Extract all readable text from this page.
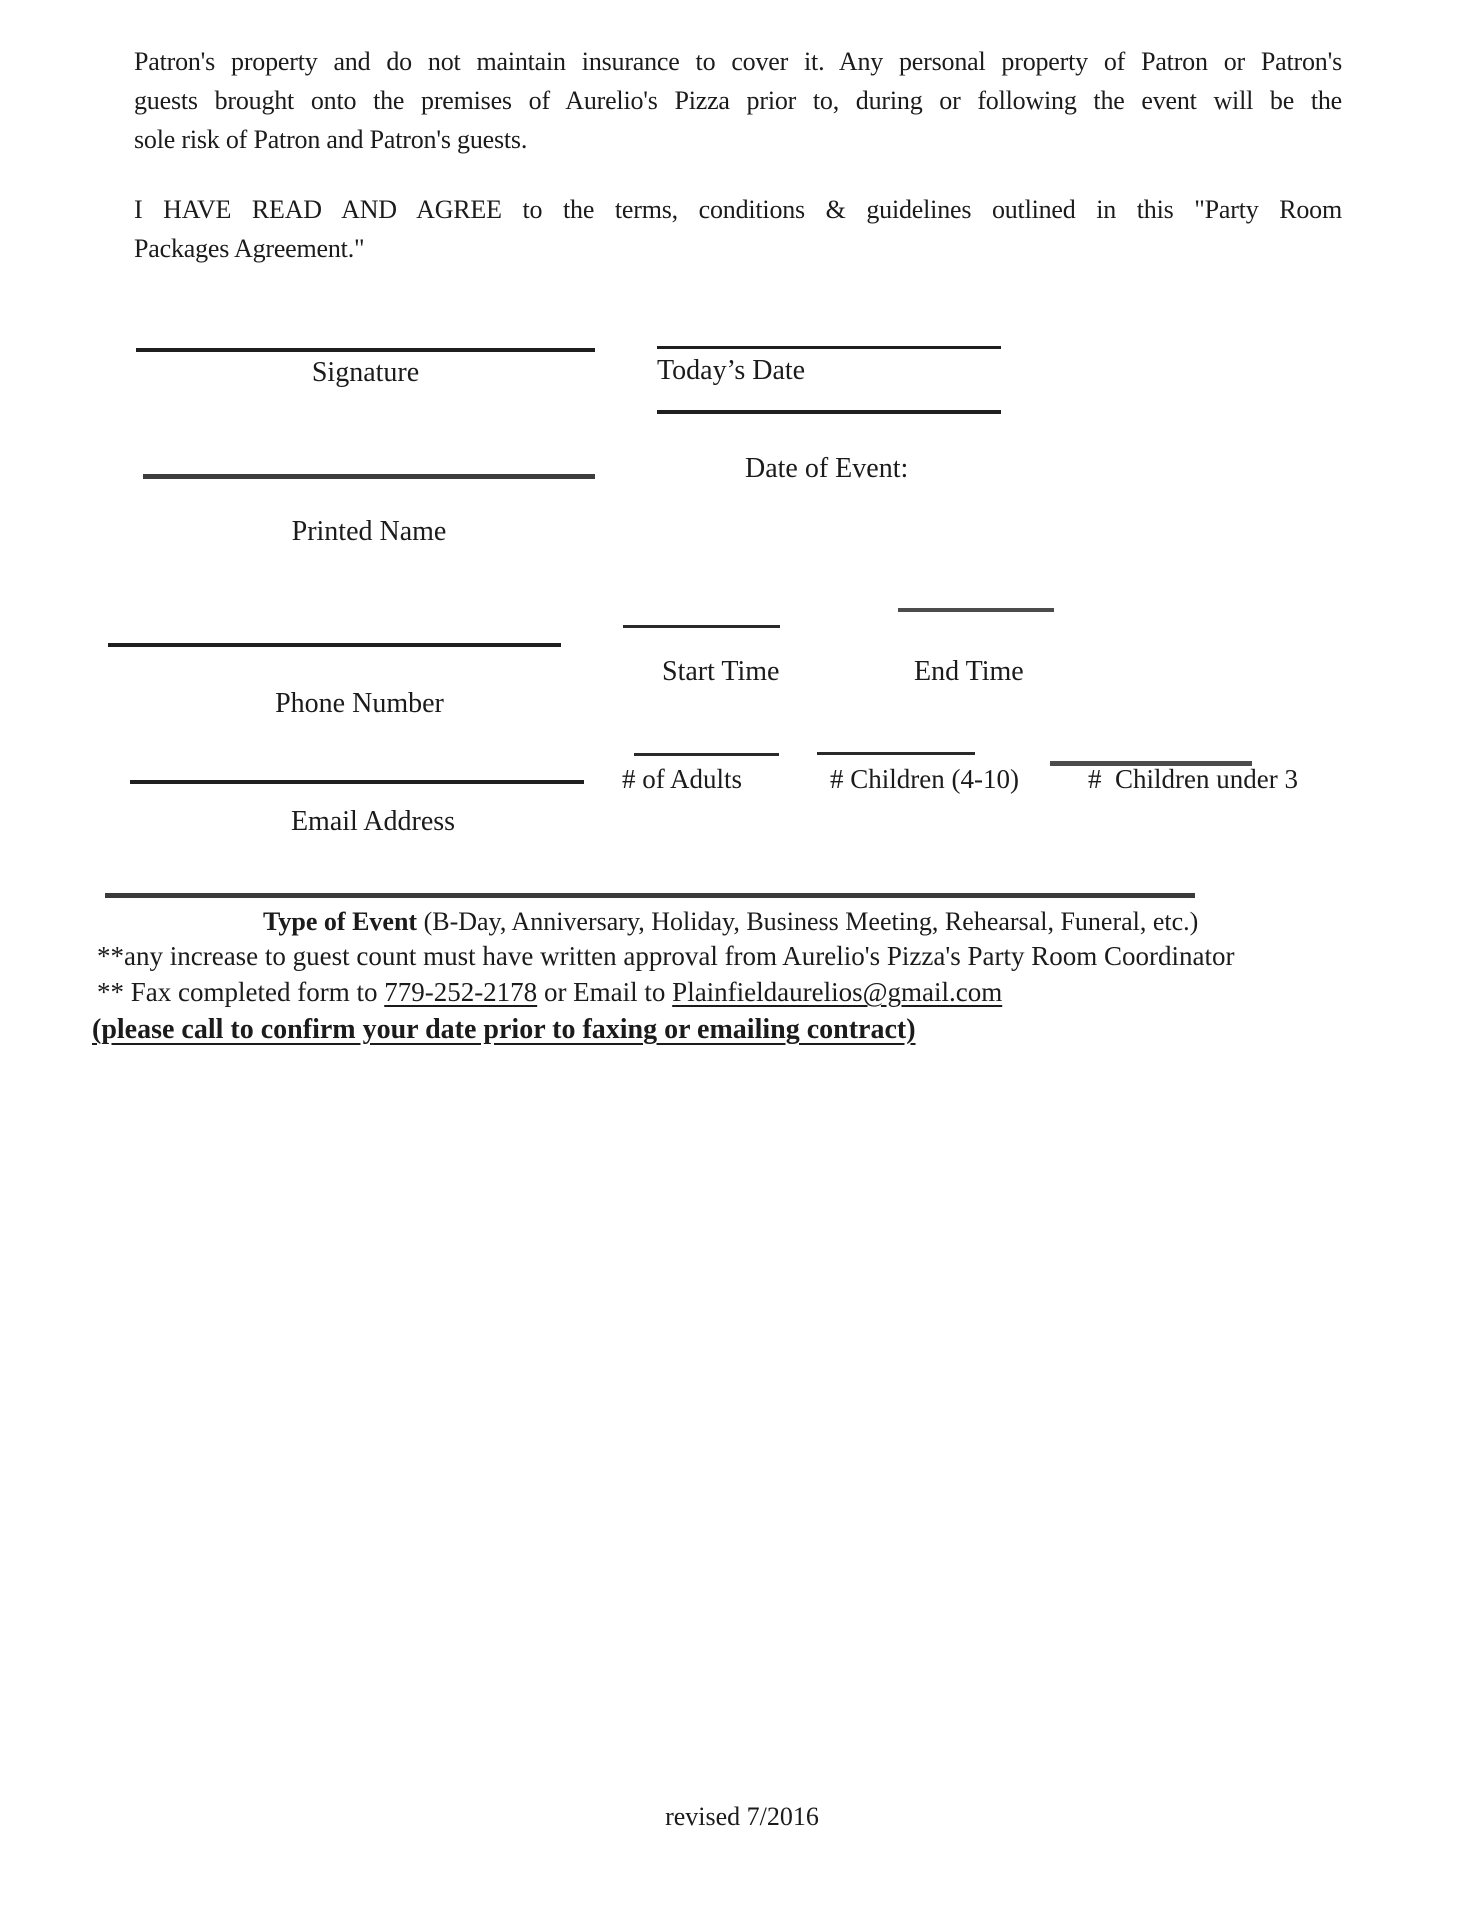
Patron's property and do not maintain insurance to cover it. Any personal property of Patron or Patron's
guests brought onto the premises of Aurelio's Pizza prior to, during or following the event will be the
sole risk of Patron and Patron's guests.
I HAVE READ AND AGREE to the terms, conditions & guidelines outlined in this "Party Room
Packages Agreement."
Signature	Today’s Date
Date of Event:
Printed Name
Phone Number
Start Time	End Time
Email Address
# of Adults	# Children (4-10)	#  Children under 3
Type of Event (B-Day, Anniversary, Holiday, Business Meeting, Rehearsal, Funeral, etc.)
**any increase to guest count must have written approval from Aurelio's Pizza's Party Room Coordinator
** Fax completed form to 779-252-2178 or Email to Plainfieldaurelios@gmail.com
(please call to confirm your date prior to faxing or emailing contract)
revised 7/2016
